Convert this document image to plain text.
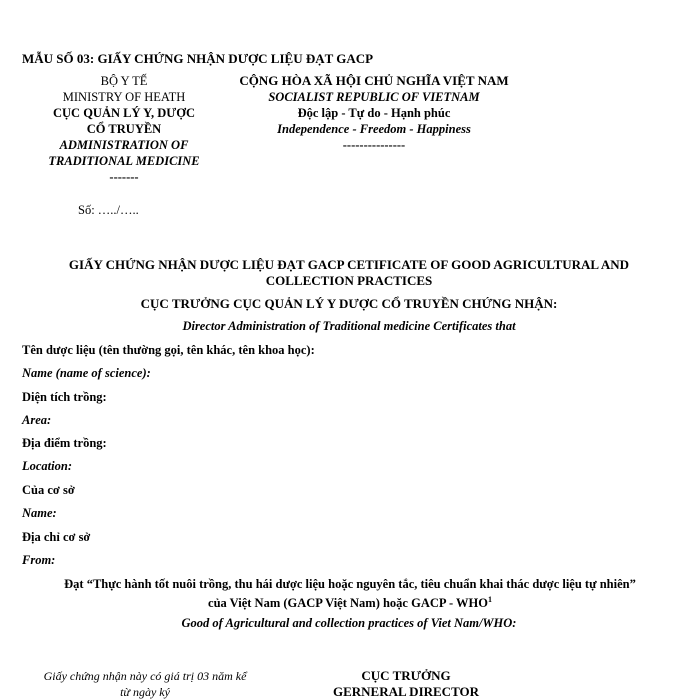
MẪU SỐ 03: GIẤY CHỨNG NHẬN DƯỢC LIỆU ĐẠT GACP
BỘ Y TẾ
MINISTRY OF HEATH
CỤC QUẢN LÝ Y, DƯỢC
CỔ TRUYỀN
ADMINISTRATION OF
TRADITIONAL MEDICINE
-------
CỘNG HÒA XÃ HỘI CHỦ NGHĨA VIỆT NAM
SOCIALIST REPUBLIC OF VIETNAM
Độc lập - Tự do - Hạnh phúc
Independence - Freedom - Happiness
---------------
Số: …../…..
GIẤY CHỨNG NHẬN DƯỢC LIỆU ĐẠT GACP CETIFICATE OF GOOD AGRICULTURAL AND
COLLECTION PRACTICES
CỤC TRƯỞNG CỤC QUẢN LÝ Y DƯỢC CỔ TRUYỀN CHỨNG NHẬN:
Director Administration of Traditional medicine Certificates that
Tên dược liệu (tên thường gọi, tên khác, tên khoa học):
Name (name of science):
Diện tích trồng:
Area:
Địa điểm trồng:
Location:
Của cơ sở
Name:
Địa chỉ cơ sở
From:
Đạt “Thực hành tốt nuôi trồng, thu hái dược liệu hoặc nguyên tắc, tiêu chuẩn khai thác dược liệu tự nhiên”
của Việt Nam (GACP Việt Nam) hoặc GACP - WHO$^1$
Good of Agricultural and collection practices of Viet Nam/WHO:
Giấy chứng nhận này có giá trị 03 năm kể
từ ngày ký
CỤC TRƯỞNG
GERNERAL DIRECTOR
